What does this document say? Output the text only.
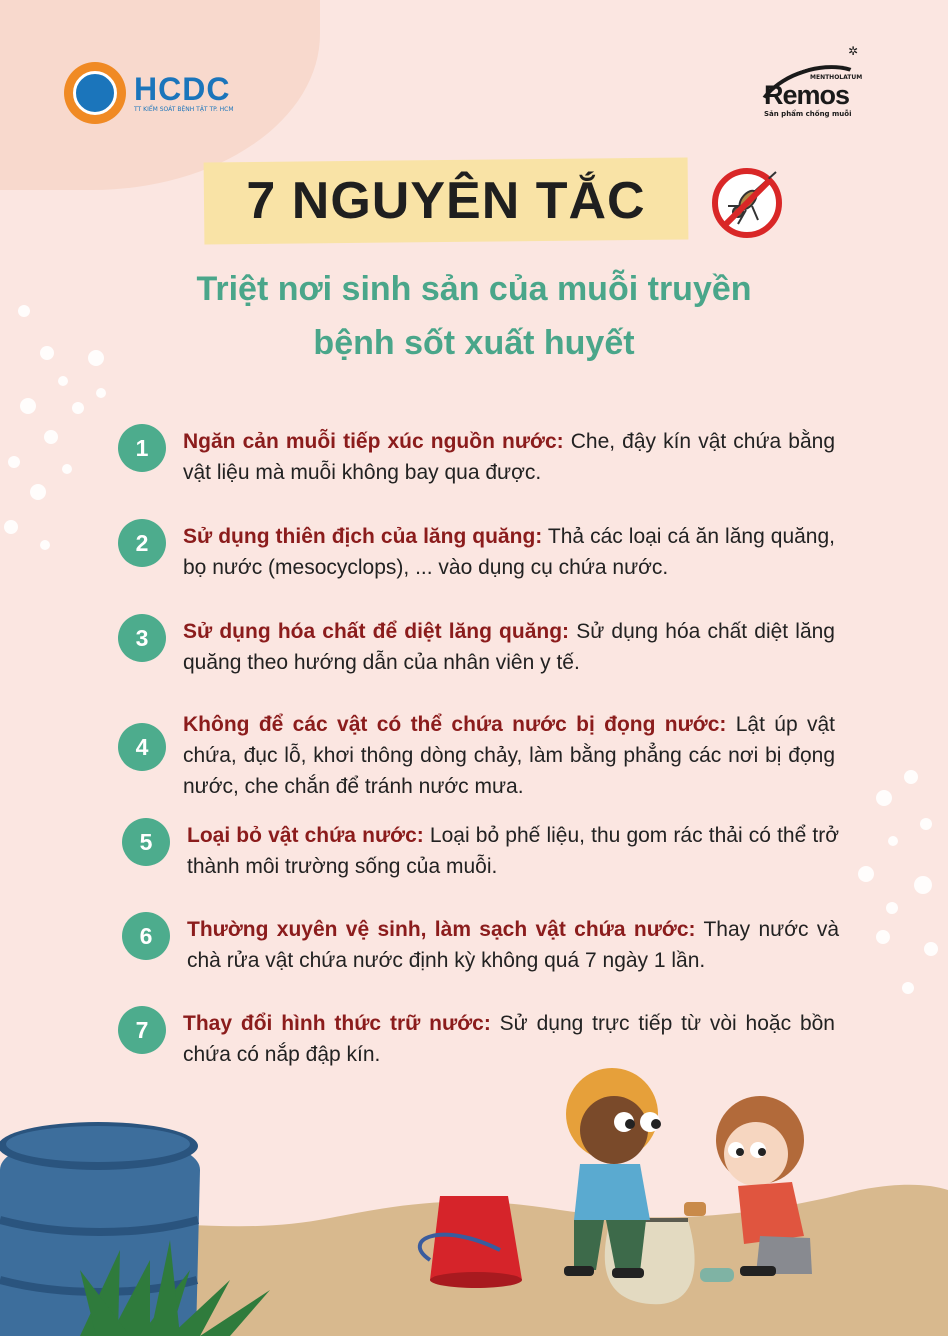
HCDC
TT KIỂM SOÁT BỆNH TẬT TP. HCM
✲
MENTHOLATUM
Remos
Sản phẩm chống muỗi
7 NGUYÊN TẮC
Triệt nơi sinh sản của muỗi truyền
bệnh sốt xuất huyết
1	Ngăn cản muỗi tiếp xúc nguồn nước: Che, đậy kín vật chứa bằng vật liệu mà muỗi không bay qua được.
2	Sử dụng thiên địch của lăng quăng: Thả các loại cá ăn lăng quăng, bọ nước (mesocyclops), ... vào dụng cụ chứa nước.
3	Sử dụng hóa chất để diệt lăng quăng: Sử dụng hóa chất diệt lăng quăng theo hướng dẫn của nhân viên y tế.
4
Không để các vật có thể chứa nước bị đọng nước: Lật úp vật chứa, đục lỗ, khơi thông dòng chảy, làm bằng phẳng các nơi bị đọng nước, che chắn để tránh nước mưa.
5	Loại bỏ vật chứa nước: Loại bỏ phế liệu, thu gom rác thải có thể trở thành môi trường sống của muỗi.
6	Thường xuyên vệ sinh, làm sạch vật chứa nước: Thay nước và chà rửa vật chứa nước định kỳ không quá 7 ngày 1 lần.
7	Thay đổi hình thức trữ nước: Sử dụng trực tiếp từ vòi hoặc bồn chứa có nắp đập kín.
